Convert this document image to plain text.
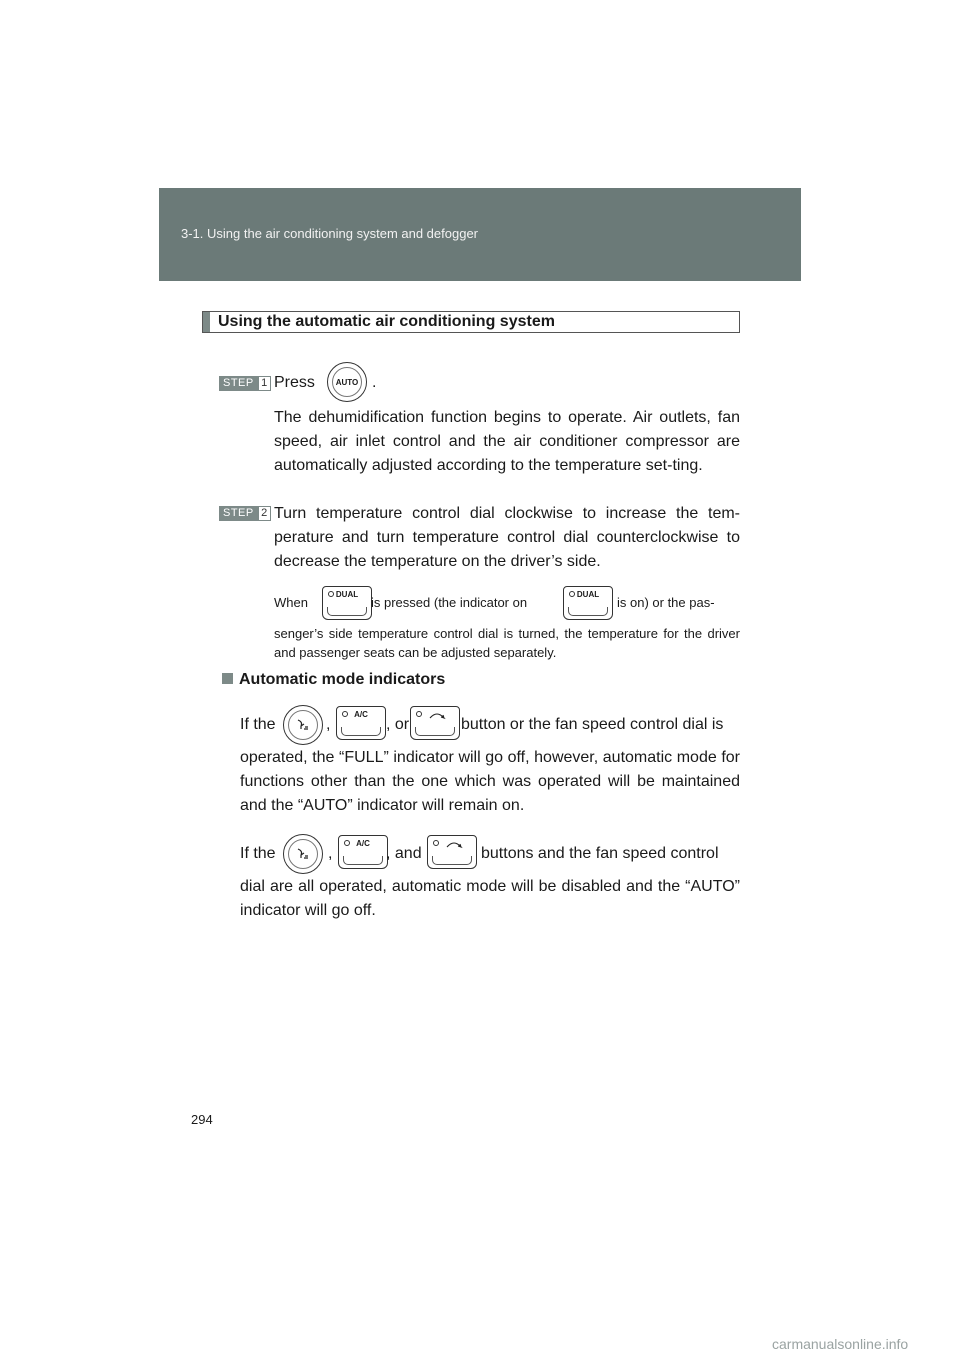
3-1. Using the air conditioning system and defogger
Using the automatic air conditioning system
STEP 1 Press	AUTO .
The dehumidification function begins to operate. Air outlets, fan speed, air inlet control and the air conditioner compressor are automatically adjusted according to the temperature set-ting.
STEP 2 Turn temperature control dial clockwise to increase the tem-perature and turn temperature control dial counterclockwise to decrease the temperature on the driver’s side.
When
DUAL
is pressed (the indicator on
DUAL
is on) or the pas-
senger’s side temperature control dial is turned, the temperature for the driver and passenger seats can be adjusted separately.
Automatic mode indicators
If the	,
A/C
, or	button or the fan speed control dial is
operated, the “FULL” indicator will go off, however, automatic mode for functions other than the one which was operated will be maintained and the “AUTO” indicator will remain on.
If the	,
A/C
, and	buttons and the fan speed control
dial are all operated, automatic mode will be disabled and the “AUTO” indicator will go off.
294
carmanualsonline.info
